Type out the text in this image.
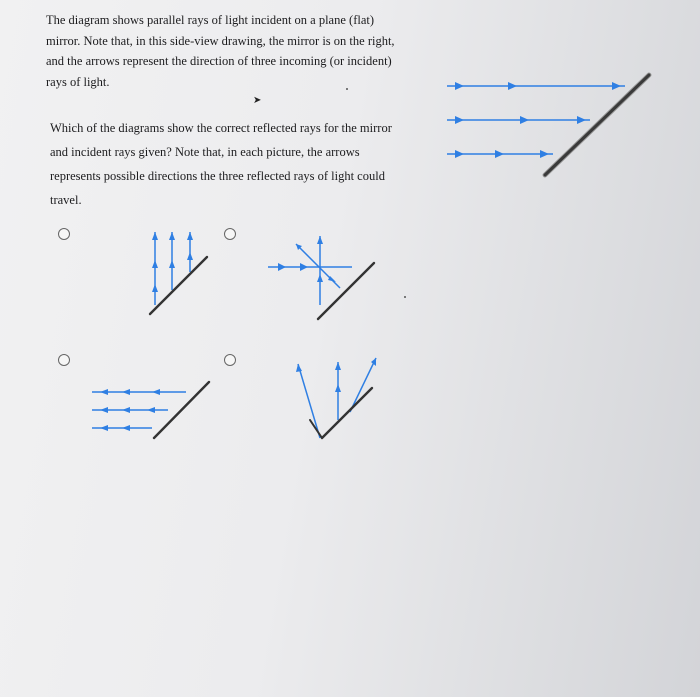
The diagram shows parallel rays of light incident on a plane (flat) mirror. Note that, in this side-view drawing, the mirror is on the right, and the arrows represent the direction of three incoming (or incident) rays of light.
➤
Which of the diagrams show the correct reflected rays for the mirror and incident rays given? Note that, in each picture, the arrows represents possible directions the three reflected rays of light could travel.
